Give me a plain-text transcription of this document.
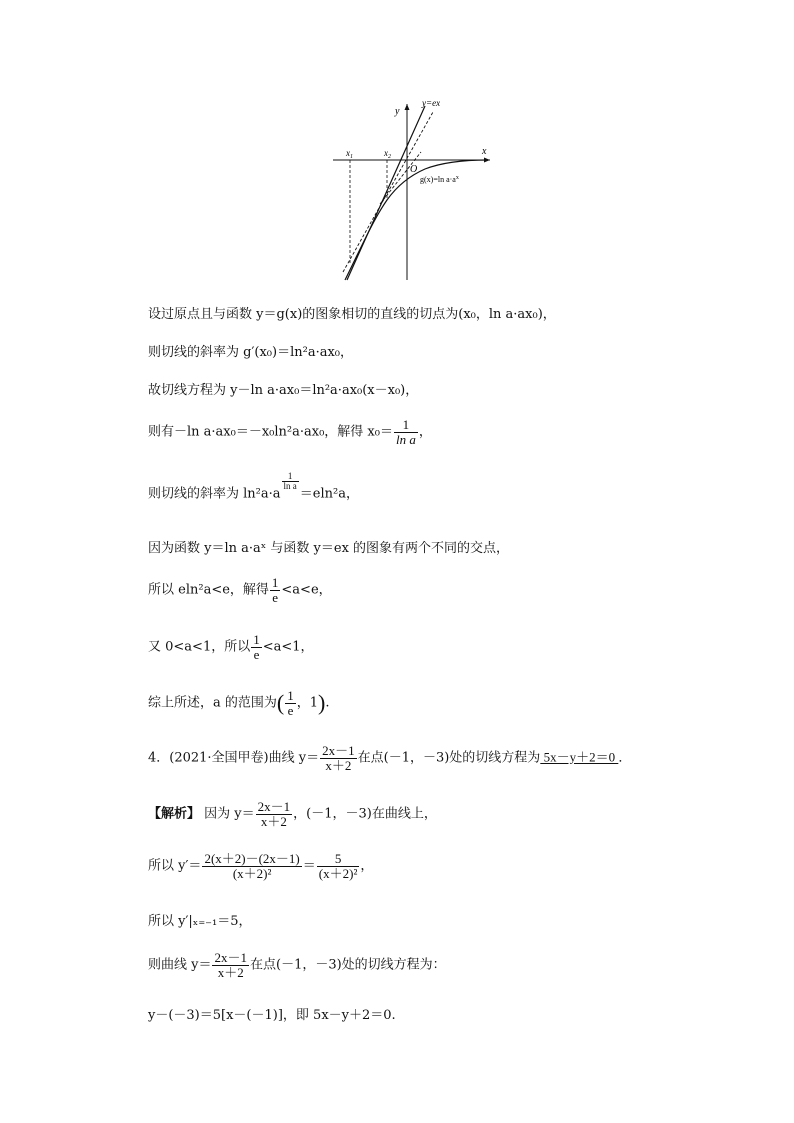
y
x
y=ex
O
$x_1$	$x_2$
g(x)=ln $a\cdot a^x$
设过原点且与函数 y＝g(x)的图象相切的直线的切点为(x₀，ln a·ax₀)，
则切线的斜率为 g′(x₀)＝ln²a·ax₀，
故切线方程为 y－ln a·ax₀＝ln²a·ax₀(x－x₀)，
则有－ln a·ax₀＝－x₀ln²a·ax₀，解得 $x_0= \frac{1}{\text{ln a}}$ ，
则切线的斜率为 ln²a·a
$\frac{1}{\text{ln a}}$
＝eln²a，
因为函数 y＝ln a·aˣ 与函数 y＝ex 的图象有两个不同的交点，
所以 eln²a<e，解得 $\frac{1}{e} <a<e$，
又 0<a<1，所以 $\frac{1}{e} <a<1$，
综上所述，a 的范围为( $\frac{1}{e}$ ，1).
4．(2021·全国甲卷)曲线 $y= \frac{2x-1}{x+2}$ 在点(－1，－3)处的切线方程为 5x－y＋2＝0 ．
【解析】 因为 $y= \frac{2x-1}{x+2}$ ，(－1，－3)在曲线上，
所以 $y'= \frac{2(x+2)-(2x-1)}{\text{(x＋2)²}} = \frac{5}{\text{(x＋2)²}}$ ，
所以 y′|ₓ₌₋₁＝5，
则曲线 $y= \frac{2x-1}{x+2}$ 在点(－1，－3)处的切线方程为：
y－(－3)＝5[x－(－1)]，即 5x－y＋2＝0.
